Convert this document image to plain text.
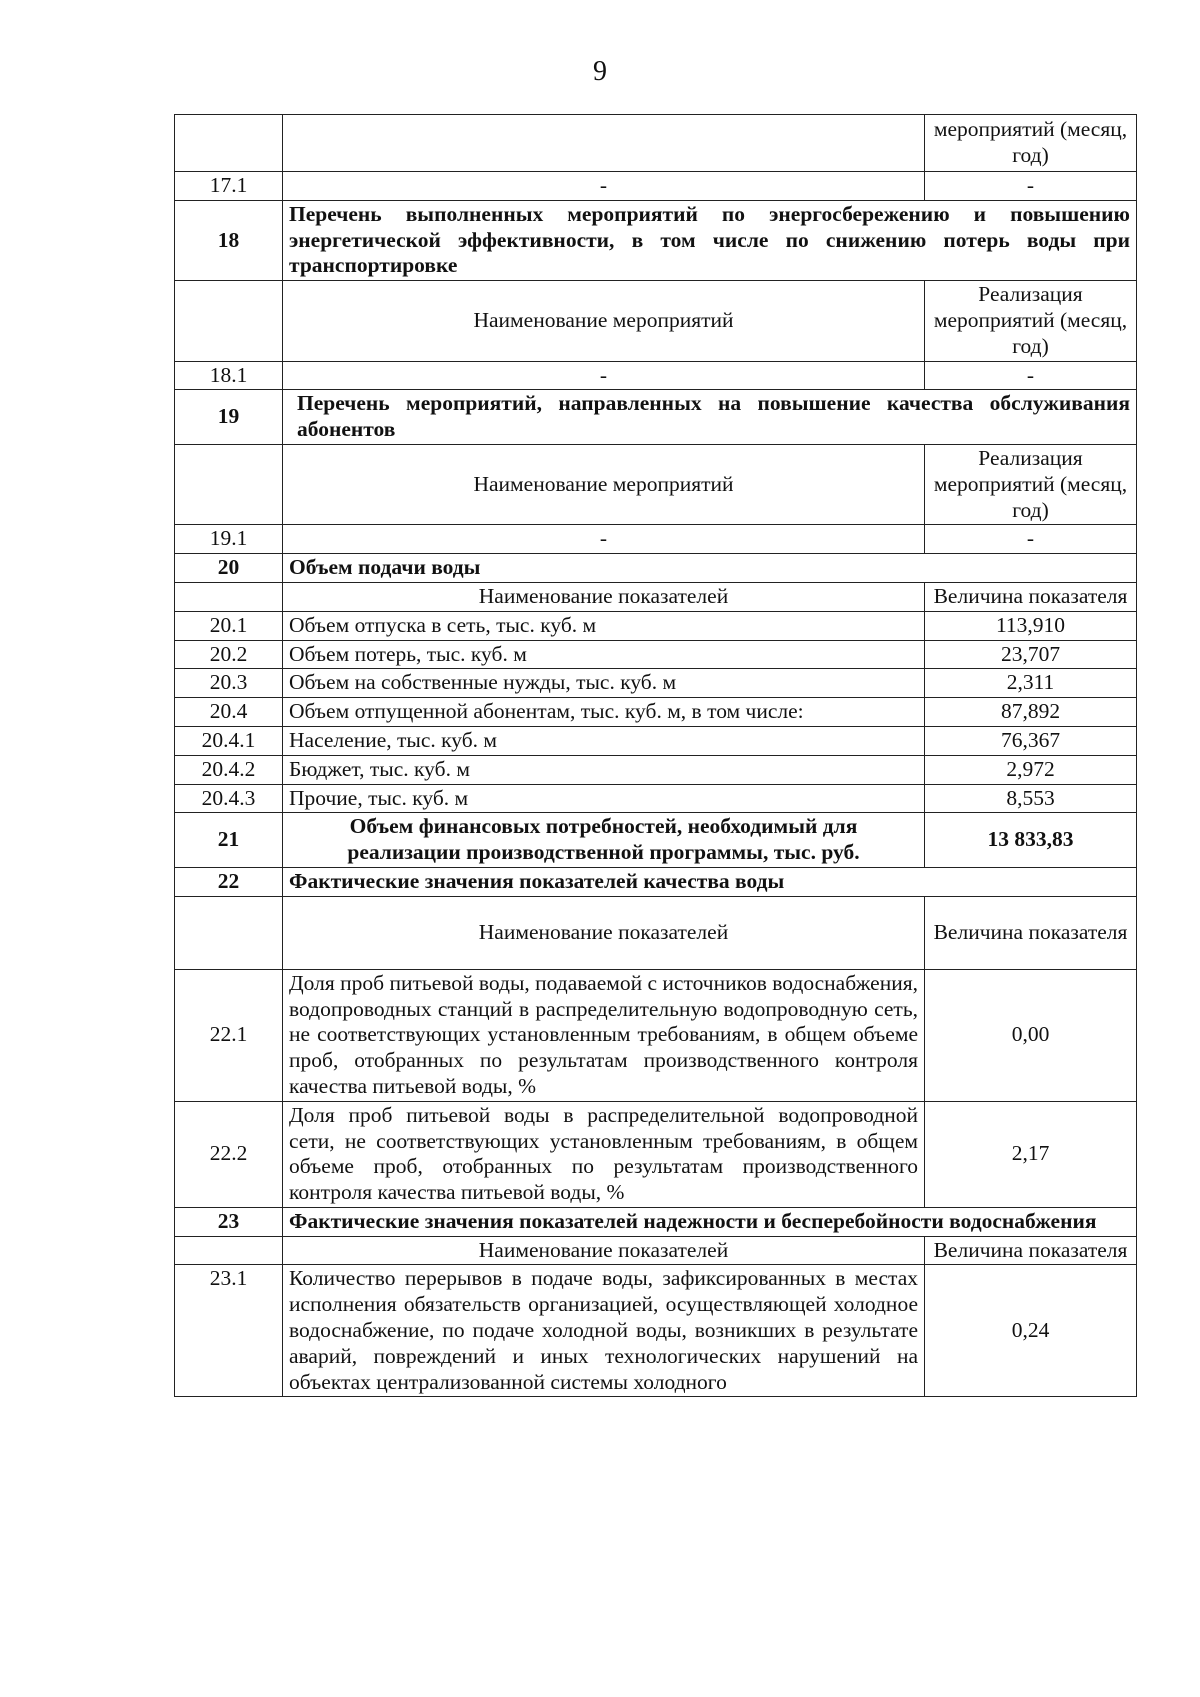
9
		мероприятий (месяц, год)
17.1	-	-
18	Перечень выполненных мероприятий по энергосбережению и повышению энергетической эффективности, в том числе по снижению потерь воды при транспортировке	
	Наименование мероприятий	Реализация мероприятий (месяц, год)
18.1	-	-
19	Перечень мероприятий, направленных на повышение качества обслуживания абонентов	
	Наименование мероприятий	Реализация мероприятий (месяц, год)
19.1	-	-
20	Объем подачи воды	
	Наименование показателей	Величина показателя
20.1	Объем отпуска в сеть, тыс. куб. м	113,910
20.2	Объем потерь, тыс. куб. м	23,707
20.3	Объем на собственные нужды, тыс. куб. м	2,311
20.4	Объем отпущенной абонентам, тыс. куб. м, в том числе:	87,892
20.4.1	Население, тыс. куб. м	76,367
20.4.2	Бюджет, тыс. куб. м	2,972
20.4.3	Прочие, тыс. куб. м	8,553
21	Объем финансовых потребностей, необходимый для реализации производственной программы, тыс. руб.	13 833,83
22	Фактические значения показателей качества воды	
	Наименование показателей	Величина показателя
22.1	Доля проб питьевой воды, подаваемой с источников водоснабжения, водопроводных станций в распределительную водопроводную сеть, не соответствующих установленным требованиям, в общем объеме проб, отобранных по результатам производственного контроля качества питьевой воды, %	0,00
22.2	Доля проб питьевой воды в распределительной водопроводной сети, не соответствующих установленным требованиям, в общем объеме проб, отобранных по результатам производственного контроля качества питьевой воды, %	2,17
23	Фактические значения показателей надежности и бесперебойности водоснабжения	
	Наименование показателей	Величина показателя
23.1	Количество перерывов в подаче воды, зафиксированных в местах исполнения обязательств организацией, осуществляющей холодное водоснабжение, по подаче холодной воды, возникших в результате аварий, повреждений и иных технологических нарушений на объектах централизованной системы холодного	0,24
